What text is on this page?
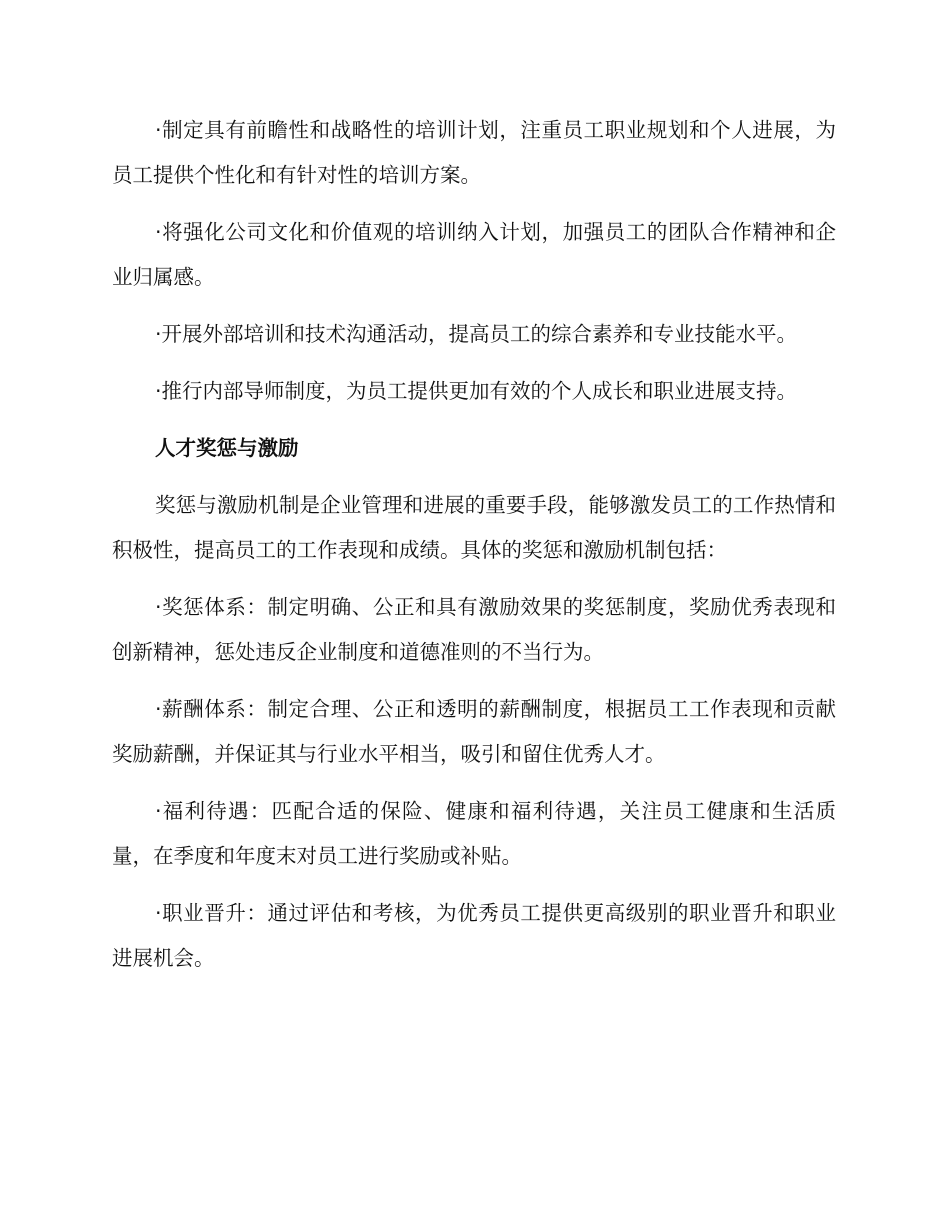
·制定具有前瞻性和战略性的培训计划，注重员工职业规划和个人进展，为员工提供个性化和有针对性的培训方案。

·将强化公司文化和价值观的培训纳入计划，加强员工的团队合作精神和企业归属感。

·开展外部培训和技术沟通活动，提高员工的综合素养和专业技能水平。

·推行内部导师制度，为员工提供更加有效的个人成长和职业进展支持。

人才奖惩与激励

奖惩与激励机制是企业管理和进展的重要手段，能够激发员工的工作热情和积极性，提高员工的工作表现和成绩。具体的奖惩和激励机制包括：

·奖惩体系：制定明确、公正和具有激励效果的奖惩制度，奖励优秀表现和创新精神，惩处违反企业制度和道德准则的不当行为。

·薪酬体系：制定合理、公正和透明的薪酬制度，根据员工工作表现和贡献奖励薪酬，并保证其与行业水平相当，吸引和留住优秀人才。

·福利待遇：匹配合适的保险、健康和福利待遇，关注员工健康和生活质量，在季度和年度末对员工进行奖励或补贴。

·职业晋升：通过评估和考核，为优秀员工提供更高级别的职业晋升和职业进展机会。
